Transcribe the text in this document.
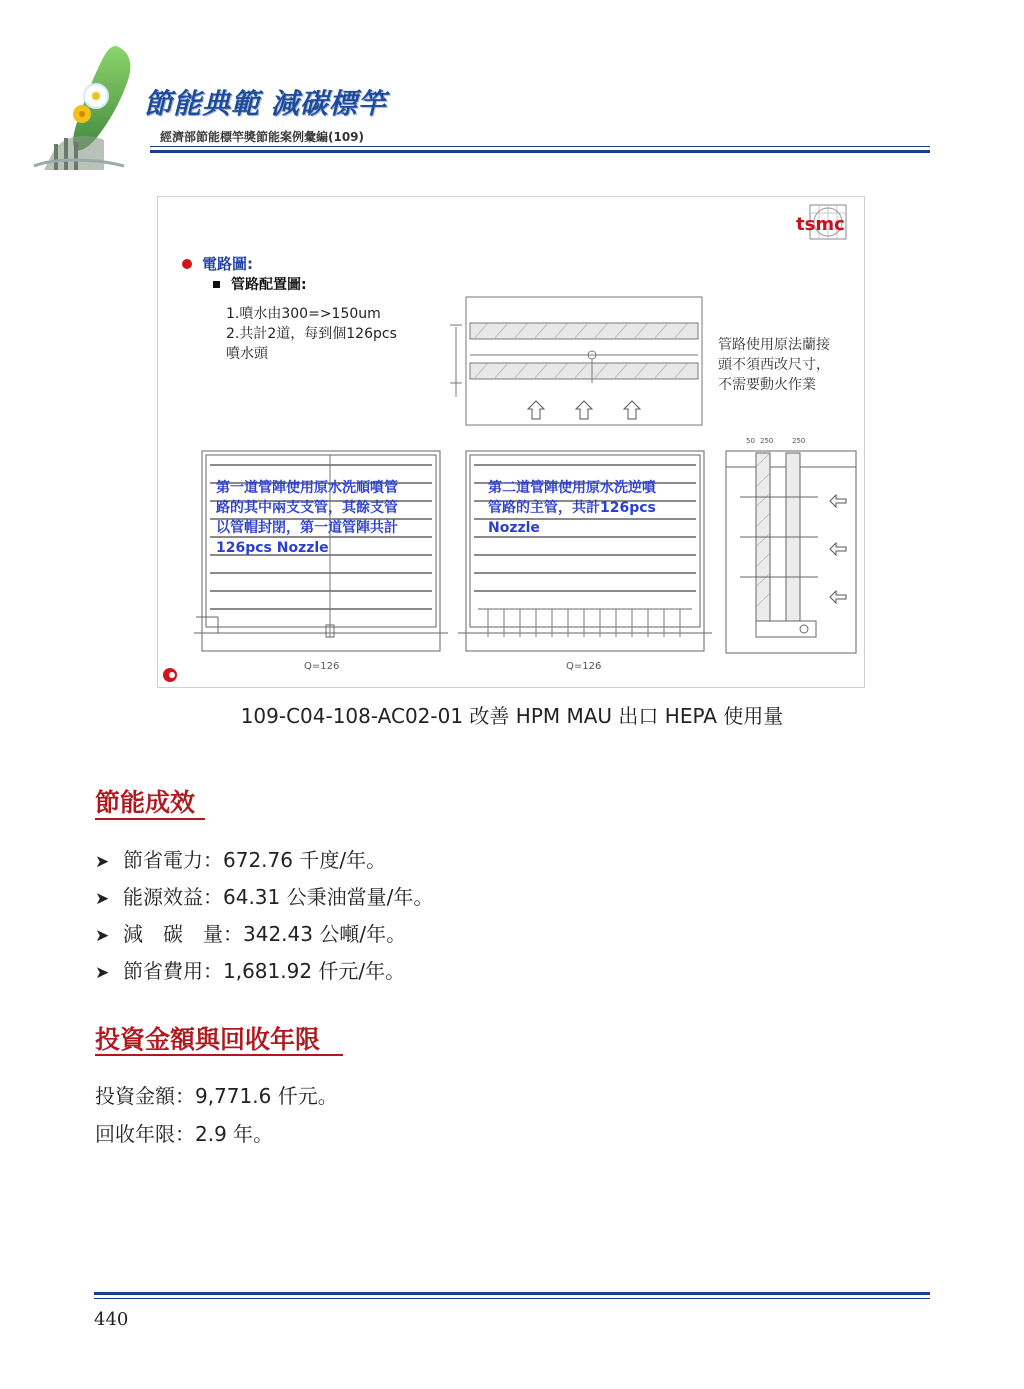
節能典範 減碳標竿
經濟部節能標竿獎節能案例彙編(109)
tsmc
電路圖:
管路配置圖:
1.噴水由300=>150um
2.共計2道，每到個126pcs
噴水頭
管路使用原法蘭接
頭不須西改尺寸，
不需要動火作業
第一道管陣使用原水洗順噴管
路的其中兩支支管，其餘支管
以管帽封閉，第一道管陣共計
126pcs Nozzle
Q=126
第二道管陣使用原水洗逆噴
管路的主管，共計126pcs
Nozzle
Q=126
50 250	250
109-C04-108-AC02-01 改善 HPM MAU 出口 HEPA 使用量
節能成效
➤ 節省電力：672.76 千度/年。
➤ 能源效益：64.31 公秉油當量/年。
➤ 減　碳　量：342.43 公噸/年。
➤ 節省費用：1,681.92 仟元/年。
投資金額與回收年限
投資金額：9,771.6 仟元。
回收年限：2.9 年。
440
